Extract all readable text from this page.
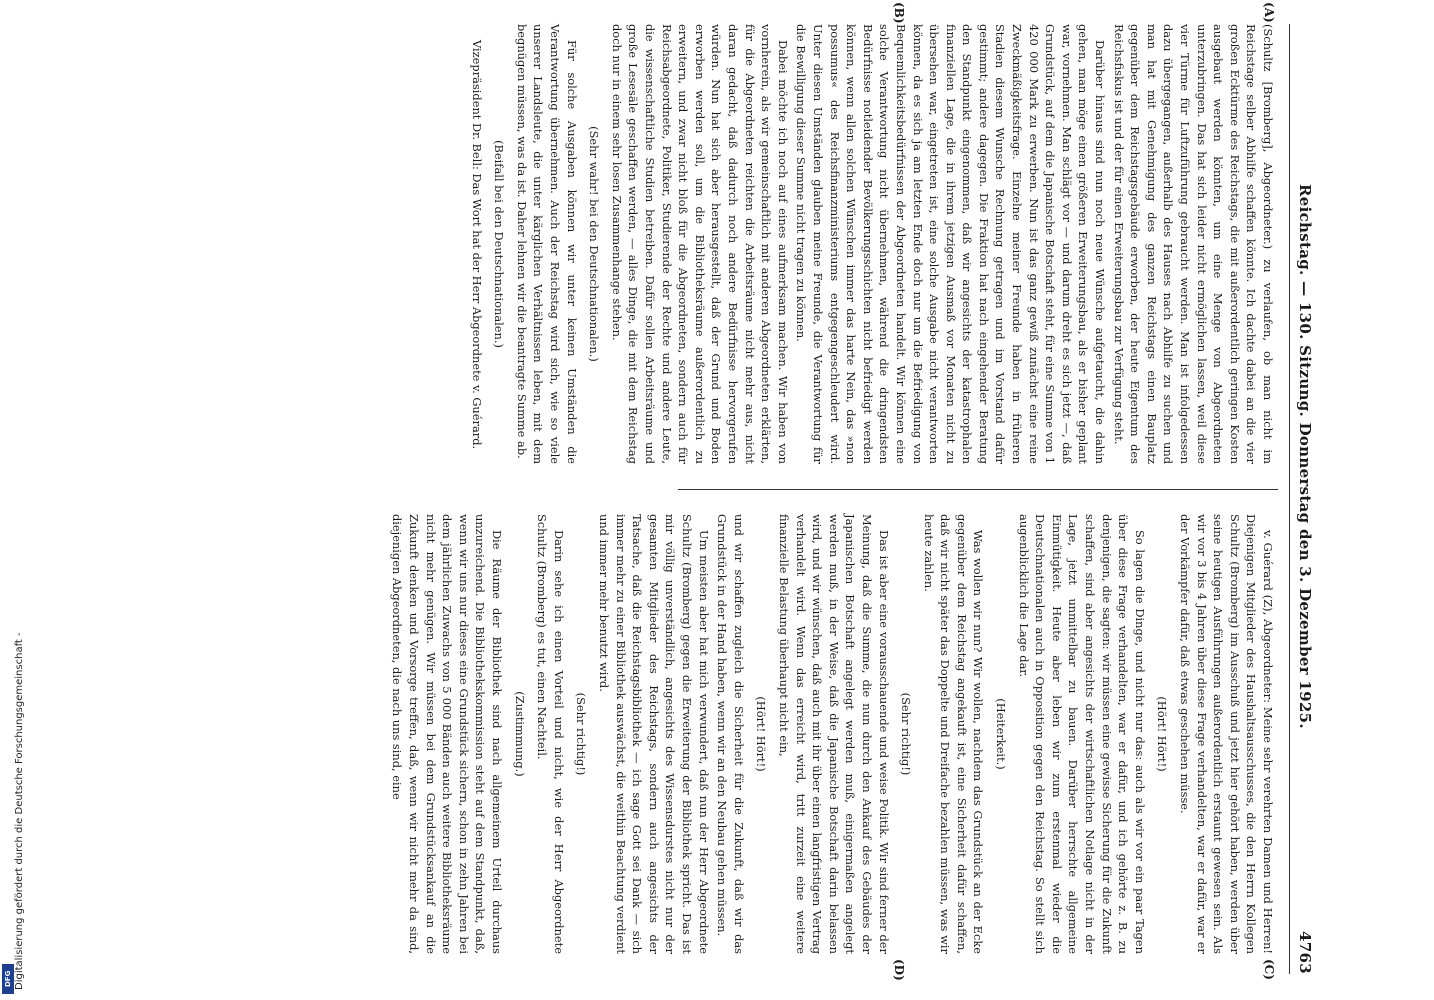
Reichstag. — 130. Sitzung. Donnerstag den 3. Dezember 1925.
4763
(A)
(B)
(C)
(D)

(Schultz [Bromberg], Abgeordneter.) zu verlaufen, ob man nicht im Reichstage selber Abhilfe schaffen könnte. Ich dachte dabei an die vier großen Ecktürme des Reichstags, die mit außerordentlich geringen Kosten ausgebaut werden könnten, um eine Menge von Abgeordneten unterzubringen. Das hat sich leider nicht ermöglichen lassen, weil diese vier Türme für Luftzuführung gebraucht werden. Man ist infolgedessen dazu übergegangen, außerhalb des Hauses nach Abhilfe zu suchen und man hat mit Genehmigung des ganzen Reichstags einen Bauplatz gegenüber dem Reichstagsgebäude erworben, der heute Eigentum des Reichsfiskus ist und der für einen Erweiterungsbau zur Verfügung steht.

Darüber hinaus sind nun noch neue Wünsche aufgetaucht, die dahin gehen, man möge einen größeren Erweiterungsbau, als er bisher geplant war, vornehmen. Man schlägt vor — und darum dreht es sich jetzt —, daß Grundstück, auf dem die Japanische Botschaft steht, für eine Summe von 1 420 000 Mark zu erwerben. Nun ist das ganz gewiß zunächst eine reine Zweckmäßigkeitsfrage. Einzelne meiner Freunde haben in früheren Stadien diesem Wunsche Rechnung getragen und im Vorstand dafür gestimmt; andere dagegen. Die Fraktion hat nach eingehender Beratung den Standpunkt eingenommen, daß wir angesichts der katastrophalen finanziellen Lage, die in ihrem jetzigen Ausmaß vor Monaten nicht zu übersehen war, eingetreten ist, eine solche Ausgabe nicht verantworten können, da es sich ja am letzten Ende doch nur um die Befriedigung von Bequemlichkeitsbedürfnissen der Abgeordneten handelt. Wir können eine solche Verantwortung nicht übernehmen, während die dringendsten Bedürfnisse notleidender Bevölkerungsschichten nicht befriedigt werden können, wenn allen solchen Wünschen immer das harte Nein, das »non possumus« des Reichsfinanzministeriums entgegengeschleudert wird. Unter diesen Umständen glauben meine Freunde, die Verantwortung für die Bewilligung dieser Summe nicht tragen zu können.

Dabei möchte ich noch auf eines aufmerksam machen. Wir haben von vornherein, als wir gemeinschaftlich mit anderen Abgeordneten erklärten, für die Abgeordneten reichten die Arbeitsräume nicht mehr aus, nicht daran gedacht, daß dadurch noch andere Bedürfnisse hervorgerufen würden. Nun hat sich aber herausgestellt, daß der Grund und Boden erworben werden soll, um die Bibliotheksräume außerordentlich zu erweitern, und zwar nicht bloß für die Abgeordneten, sondern auch für Reichsabgeordnete, Politiker, Studierende der Rechte und andere Leute, die wissenschaftliche Studien betreiben. Dafür sollen Arbeitsräume und große Lesesäle geschaffen werden, — alles Dinge, die mit dem Reichstag doch nur in einem sehr losen Zusammenhange stehen.

(Sehr wahr! bei den Deutschnationalen.)

Für solche Ausgaben können wir unter keinen Umständen die Verantwortung übernehmen. Auch der Reichstag wird sich, wie so viele unserer Landsleute, die unter kärglichen Verhältnissen leben, mit dem begnügen müssen, was da ist. Daher lehnen wir die beantragte Summe ab.

(Beifall bei den Deutschnationalen.)

Vizepräsident Dr. Bell: Das Wort hat der Herr Abgeordnete v. Guérard.

v. Guérard (Z), Abgeordneter: Meine sehr verehrten Damen und Herren! Diejenigen Mitglieder des Haushaltsausschusses, die den Herrn Kollegen Schultz (Bromberg) im Ausschuß und jetzt hier gehört haben, werden über seine heutigen Ausführungen außerordentlich erstaunt gewesen sein. Als wir vor 3 bis 4 Jahren über diese Frage verhandelten, war er dafür, war er der Vorkämpfer dafür, daß etwas geschehen müsse.

(Hört! Hört!)

So lagen die Dinge, und nicht nur das: auch als wir vor ein paar Tagen über diese Frage verhandelten, war er dafür, und ich gehörte z. B. zu denjenigen, die sagten: wir müssen eine gewisse Sicherung für die Zukunft schaffen, sind aber angesichts der wirtschaftlichen Notlage nicht in der Lage, jetzt unmittelbar zu bauen. Darüber herrschte allgemeine Einmütigkeit. Heute aber leben wir zum erstenmal wieder die Deutschnationalen auch in Opposition gegen den Reichstag. So stellt sich augenblicklich die Lage dar.

(Heiterkeit.)

Was wollen wir nun? Wir wollen, nachdem das Grundstück an der Ecke gegenüber dem Reichstag angekauft ist, eine Sicherheit dafür schaffen, daß wir nicht später das Doppelte und Dreifache bezahlen müssen, was wir heute zahlen.

(Sehr richtig!)

Das ist aber eine vorausschauende und weise Politik. Wir sind ferner der Meinung, daß die Summe, die nun durch den Ankauf des Gebäudes der Japanischen Botschaft angelegt werden muß, einigermaßen angelegt werden muß, in der Weise, daß die Japanische Botschaft darin belassen wird, und wir wünschen, daß auch mit ihr über einen langfristigen Vertrag verhandelt wird. Wenn das erreicht wird, tritt zurzeit eine weitere finanzielle Belastung überhaupt nicht ein,

(Hört! Hört!)

und wir schaffen zugleich die Sicherheit für die Zukunft, daß wir das Grundstück in der Hand haben, wenn wir an den Neubau gehen müssen.

Um meisten aber hat mich verwundert, daß nun der Herr Abgeordnete Schultz (Bromberg) gegen die Erweiterung der Bibliothek spricht. Das ist mir völlig unverständlich, angesichts des Wissensdurstes nicht nur der gesamten Mitglieder des Reichstags, sondern auch angesichts der Tatsache, daß die Reichstagsbibliothek — ich sage Gott sei Dank — sich immer mehr zu einer Bibliothek auswächst, die weithin Beachtung verdient und immer mehr benutzt wird.

(Sehr richtig!)

Darin sehe ich einen Vorteil und nicht, wie der Herr Abgeordnete Schultz (Bromberg) es tut, einen Nachteil.

(Zustimmung.)

Die Räume der Bibliothek sind nach allgemeinem Urteil durchaus unzureichend. Die Bibliothekskommission steht auf dem Standpunkt, daß, wenn wir uns nur dieses eine Grundstück sichern, schon in zehn Jahren bei dem jährlichen Zuwachs von 5 000 Bänden auch weitere Bibliotheksräume nicht mehr genügen. Wir müssen bei dem Grundstücksankauf an die Zukunft denken und Vorsorge treffen, daß, wenn wir nicht mehr da sind, diejenigen Abgeordneten, die nach uns sind, eine

Digitalisierung gefördert durch die Deutsche Forschungsgemeinschaft -
DFG
